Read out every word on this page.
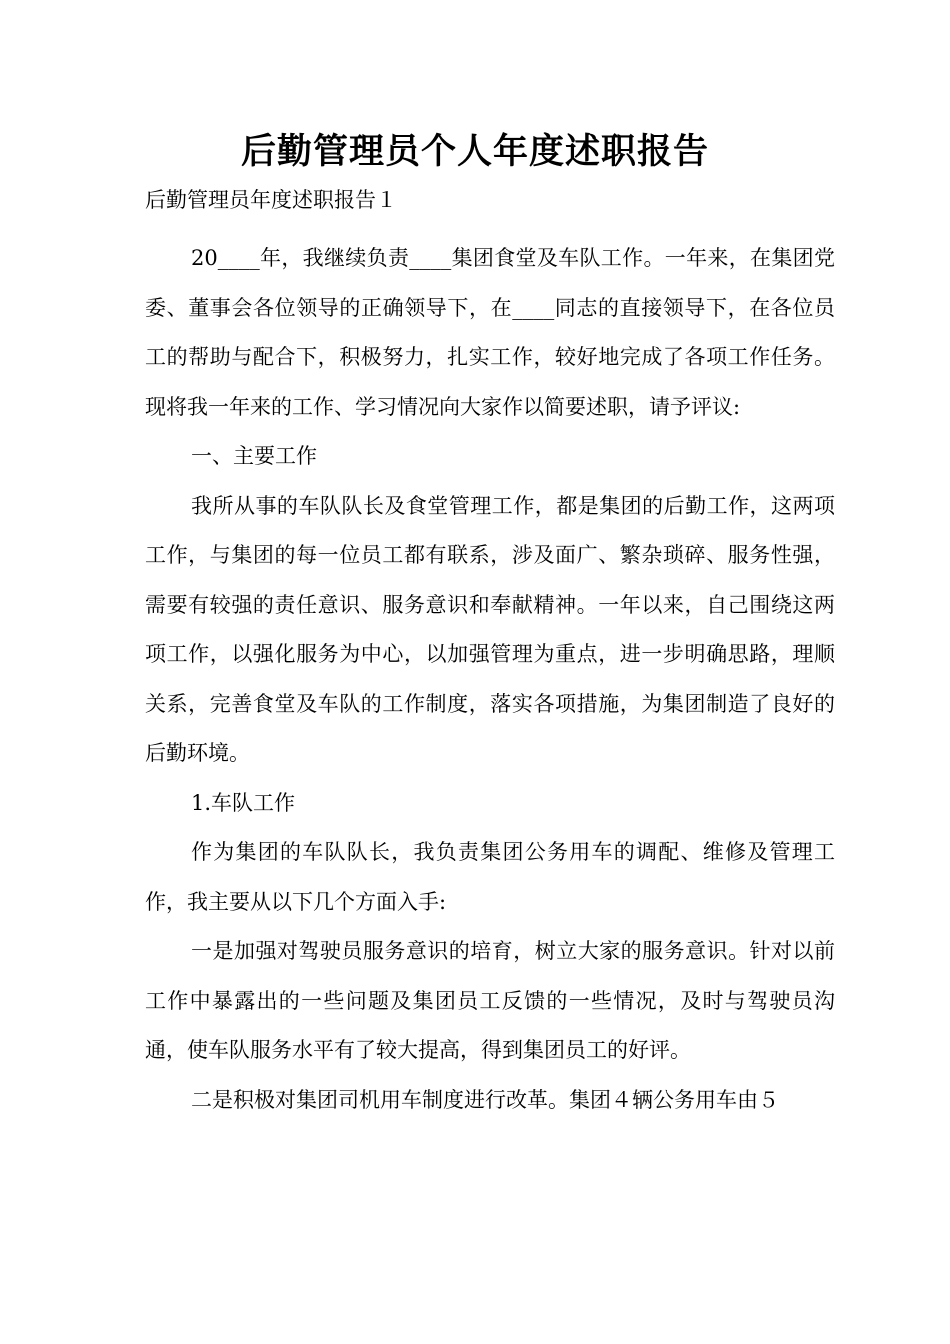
后勤管理员个人年度述职报告

后勤管理员年度述职报告１

20____年，我继续负责____集团食堂及车队工作。一年来，在集团党委、董事会各位领导的正确领导下，在____同志的直接领导下，在各位员工的帮助与配合下，积极努力，扎实工作，较好地完成了各项工作任务。现将我一年来的工作、学习情况向大家作以简要述职，请予评议:

一、主要工作

我所从事的车队队长及食堂管理工作，都是集团的后勤工作，这两项工作，与集团的每一位员工都有联系，涉及面广、繁杂琐碎、服务性强，需要有较强的责任意识、服务意识和奉献精神。一年以来，自己围绕这两项工作，以强化服务为中心，以加强管理为重点，进一步明确思路，理顺关系，完善食堂及车队的工作制度，落实各项措施，为集团制造了良好的后勤环境。

1.车队工作

作为集团的车队队长，我负责集团公务用车的调配、维修及管理工作，我主要从以下几个方面入手:

一是加强对驾驶员服务意识的培育，树立大家的服务意识。针对以前工作中暴露出的一些问题及集团员工反馈的一些情况，及时与驾驶员沟通，使车队服务水平有了较大提高，得到集团员工的好评。

二是积极对集团司机用车制度进行改革。集团４辆公务用车由５
